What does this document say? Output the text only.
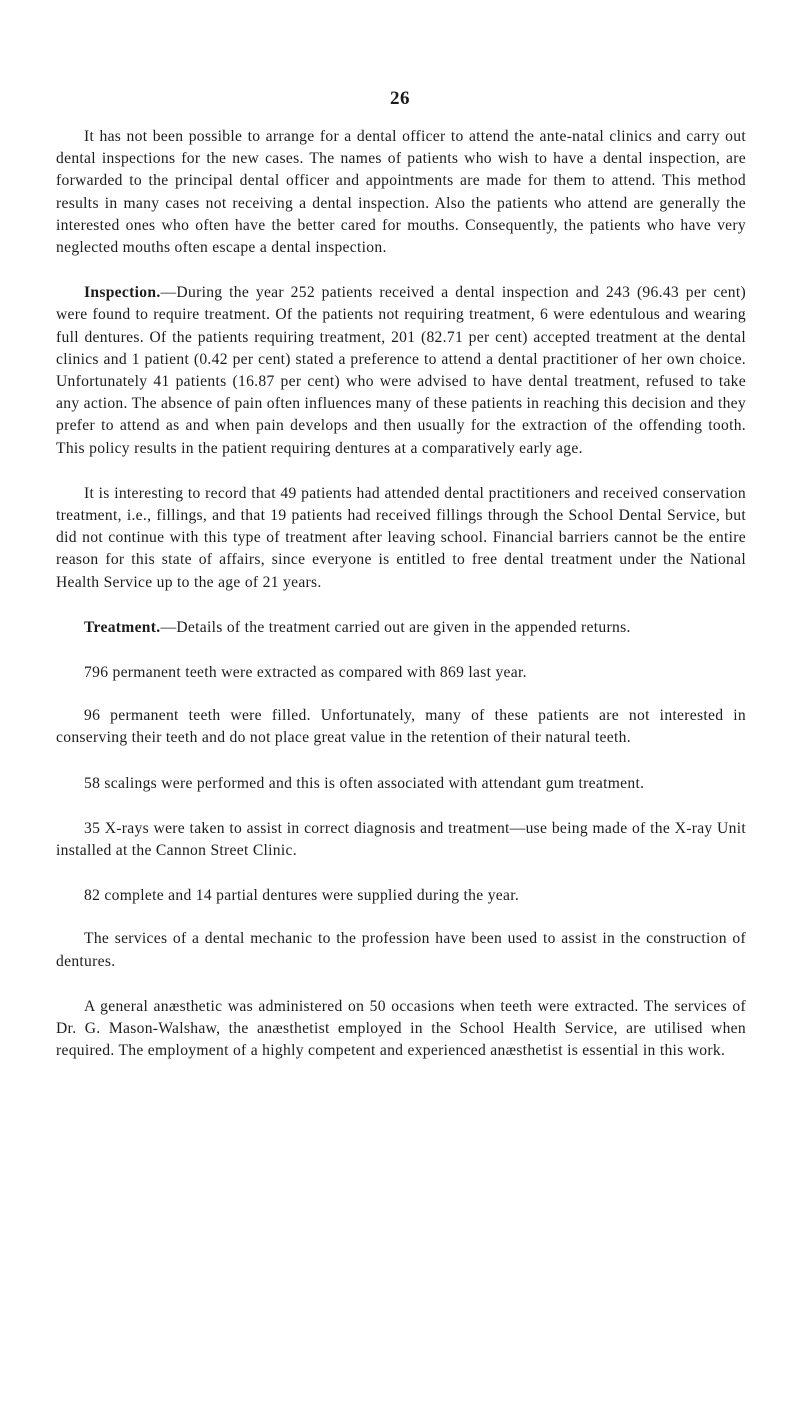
26

It has not been possible to arrange for a dental officer to attend the ante-natal clinics and carry out dental inspections for the new cases. The names of patients who wish to have a dental inspection, are forwarded to the principal dental officer and appointments are made for them to attend. This method results in many cases not receiving a dental inspection. Also the patients who attend are generally the interested ones who often have the better cared for mouths. Consequently, the patients who have very neglected mouths often escape a dental inspection.

Inspection.—During the year 252 patients received a dental inspection and 243 (96.43 per cent) were found to require treatment. Of the patients not requiring treatment, 6 were edentulous and wearing full dentures. Of the patients requiring treatment, 201 (82.71 per cent) accepted treatment at the dental clinics and 1 patient (0.42 per cent) stated a preference to attend a dental practitioner of her own choice. Unfortunately 41 patients (16.87 per cent) who were advised to have dental treatment, refused to take any action. The absence of pain often influences many of these patients in reaching this decision and they prefer to attend as and when pain develops and then usually for the extraction of the offending tooth. This policy results in the patient requiring dentures at a comparatively early age.

It is interesting to record that 49 patients had attended dental practitioners and received conservation treatment, i.e., fillings, and that 19 patients had received fillings through the School Dental Service, but did not continue with this type of treatment after leaving school. Financial barriers cannot be the entire reason for this state of affairs, since everyone is entitled to free dental treatment under the National Health Service up to the age of 21 years.

Treatment.—Details of the treatment carried out are given in the appended returns.

796 permanent teeth were extracted as compared with 869 last year.

96 permanent teeth were filled. Unfortunately, many of these patients are not interested in conserving their teeth and do not place great value in the retention of their natural teeth.

58 scalings were performed and this is often associated with attendant gum treatment.

35 X-rays were taken to assist in correct diagnosis and treatment—use being made of the X-ray Unit installed at the Cannon Street Clinic.

82 complete and 14 partial dentures were supplied during the year.

The services of a dental mechanic to the profession have been used to assist in the construction of dentures.

A general anæsthetic was administered on 50 occasions when teeth were extracted. The services of Dr. G. Mason-Walshaw, the anæsthetist employed in the School Health Service, are utilised when required. The employment of a highly competent and experienced anæsthetist is essential in this work.
